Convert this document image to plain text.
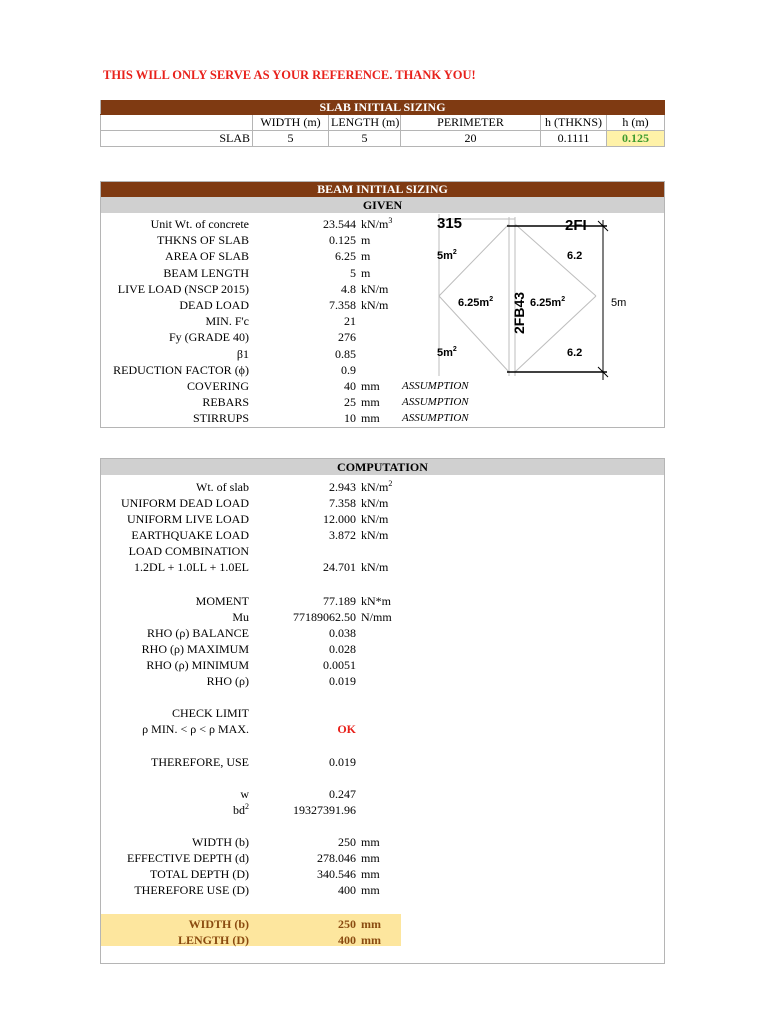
THIS WILL ONLY SERVE AS YOUR REFERENCE. THANK YOU!
SLAB INITIAL SIZING					
	WIDTH (m)	LENGTH (m)	PERIMETER	h (THKNS)	h (m)
SLAB	5	5	20	0.1111	0.125
BEAM INITIAL SIZING
GIVEN
Unit Wt. of concrete	23.544 $kN/m^3$
THKNS OF SLAB	0.125 m
AREA OF SLAB	6.25 m
BEAM LENGTH	5 m
LIVE LOAD (NSCP 2015)	4.8 kN/m
DEAD LOAD	7.358 kN/m
MIN. F'c	21
Fy (GRADE 40)	276
β1	0.85
REDUCTION FACTOR (ϕ)	0.9
COVERING	40 mm ASSUMPTION
REBARS	25 mm ASSUMPTION
STIRRUPS	10 mm ASSUMPTION
315	2FI
$5m^2$	6.2
$6.25m^2$	$6.25m^2$
$5m^2$	6.2
2FB43	5m
COMPUTATION
Wt. of slab	2.943 $kN/m^2$
UNIFORM DEAD LOAD	7.358 kN/m
UNIFORM LIVE LOAD	12.000 kN/m
EARTHQUAKE LOAD	3.872 kN/m
LOAD COMBINATION
1.2DL + 1.0LL + 1.0EL	24.701 kN/m
MOMENT	77.189 kN*m
Mu	77189062.50 N/mm
RHO (ρ) BALANCE	0.038
RHO (ρ) MAXIMUM	0.028
RHO (ρ) MINIMUM	0.0051
RHO (ρ)	0.019
CHECK LIMIT
ρ MIN. < ρ < ρ MAX.	OK
THEREFORE, USE	0.019
w	0.247
$bd^2$	19327391.96
WIDTH (b)	250 mm
EFFECTIVE DEPTH (d)	278.046 mm
TOTAL DEPTH (D)	340.546 mm
THEREFORE USE (D)	400 mm
WIDTH (b)	250 mm
LENGTH (D)	400 mm
